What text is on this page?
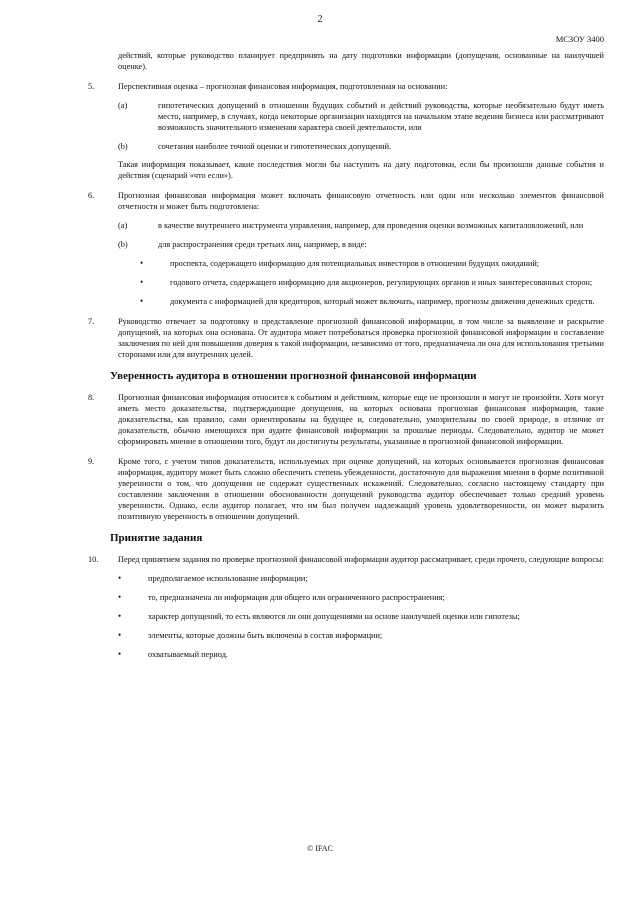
2
МСЗОУ 3400

действий, которые руководство планирует предпринять на дату подготовки информации (допущения, основанные на наилучшей оценке).

5.	Перспективная оценка – прогнозная финансовая информация, подготовленная на основании:
(а)	гипотетических допущений в отношении будущих событий и действий руководства, которые необязательно будут иметь место, например, в случаях, когда некоторые организации находятся на начальном этапе ведения бизнеса или рассматривают возможность значительного изменения характера своей деятельности, или
(b)	сочетания наиболее точной оценки и гипотетических допущений.
Такая информация показывает, какие последствия могли бы наступить на дату подготовки, если бы произошли данные события и действия (сценарий «что если»).
6.	Прогнозная финансовая информация может включать финансовую отчетность или один или несколько элементов финансовой отчетности и может быть подготовлена:
(а)	в качестве внутреннего инструмента управления, например, для проведения оценки возможных капиталовложений, или
(b)	для распространения среди третьих лиц, например, в виде:
•	проспекта, содержащего информацию для потенциальных инвесторов в отношении будущих ожиданий;
•	годового отчета, содержащего информацию для акционеров, регулирующих органов и иных заинтересованных сторон;
•	документа с информацией для кредиторов, который может включать, например, прогнозы движения денежных средств.
7.	Руководство отвечает за подготовку и представление прогнозной финансовой информации, в том числе за выявление и раскрытие допущений, на которых она основана. От аудитора может потребоваться проверка прогнозной финансовой информации и составление заключения по ней для повышения доверия к такой информации, независимо от того, предназначена ли она для использования третьими сторонами или для внутренних целей.
Уверенность аудитора в отношении прогнозной финансовой информации
8.	Прогнозная финансовая информация относится к событиям и действиям, которые еще не произошли и могут не произойти. Хотя могут иметь место доказательства, подтверждающие допущения, на которых основана прогнозная финансовая информация, такие доказательства, как правило, сами ориентированы на будущее и, следовательно, умозрительны по своей природе, в отличие от доказательств, обычно имеющихся при аудите финансовой информации за прошлые периоды. Следовательно, аудитор не может сформировать мнение в отношении того, будут ли достигнуты результаты, указанные в прогнозной финансовой информации.
9.	Кроме того, с учетом типов доказательств, используемых при оценке допущений, на которых основывается прогнозная финансовая информация, аудитору может быть сложно обеспечить степень убежденности, достаточную для выражения мнения в форме позитивной уверенности о том, что допущения не содержат существенных искажений. Следовательно, согласно настоящему стандарту при составлении заключения в отношении обоснованности допущений руководства аудитор обеспечивает только средний уровень уверенности. Однако, если аудитор полагает, что им был получен надлежащий уровень удовлетворенности, он может выразить позитивную уверенность в отношении допущений.
Принятие задания
10.	Перед принятием задания по проверке прогнозной финансовой информации аудитор рассматривает, среди прочего, следующие вопросы:
•	предполагаемое использование информации;
•	то, предназначена ли информация для общего или ограниченного распространения;
•	характер допущений, то есть являются ли они допущениями на основе наилучшей оценки или гипотезы;
•	элементы, которые должны быть включены в состав информации;
•	охватываемый период.
© IFAC
